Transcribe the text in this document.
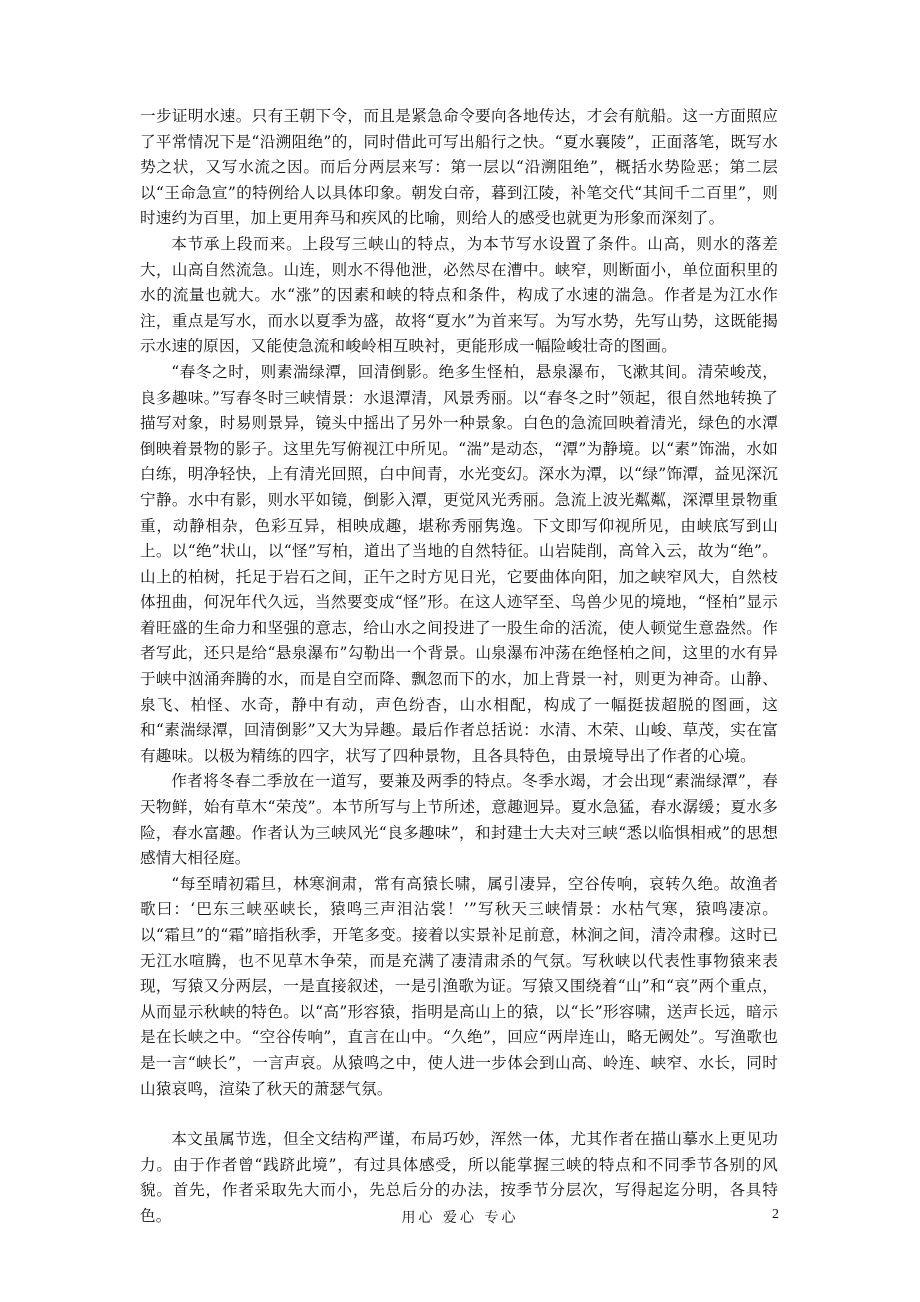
一步证明水速。只有王朝下令，而且是紧急命令要向各地传达，才会有航船。这一方面照应了平常情况下是“沿溯阻绝”的，同时借此可写出船行之快。“夏水襄陵”，正面落笔，既写水势之状，又写水流之因。而后分两层来写：第一层以“沿溯阻绝”，概括水势险恶；第二层以“王命急宣”的特例给人以具体印象。朝发白帝，暮到江陵，补笔交代“其间千二百里”，则时速约为百里，加上更用奔马和疾风的比喻，则给人的感受也就更为形象而深刻了。

本节承上段而来。上段写三峡山的特点，为本节写水设置了条件。山高，则水的落差大，山高自然流急。山连，则水不得他泄，必然尽在漕中。峡窄，则断面小，单位面积里的水的流量也就大。水“涨”的因素和峡的特点和条件，构成了水速的湍急。作者是为江水作注，重点是写水，而水以夏季为盛，故将“夏水”为首来写。为写水势，先写山势，这既能揭示水速的原因，又能使急流和峻岭相互映衬，更能形成一幅险峻壮奇的图画。

“春冬之时，则素湍绿潭，回清倒影。绝多生怪柏，悬泉瀑布，飞漱其间。清荣峻茂，良多趣味。”写春冬时三峡情景：水退潭清，风景秀丽。以“春冬之时”领起，很自然地转换了描写对象，时易则景异，镜头中摇出了另外一种景象。白色的急流回映着清光，绿色的水潭倒映着景物的影子。这里先写俯视江中所见。“湍”是动态，“潭”为静境。以“素”饰湍，水如白练，明净轻快，上有清光回照，白中间青，水光变幻。深水为潭，以“绿”饰潭，益见深沉宁静。水中有影，则水平如镜，倒影入潭，更觉风光秀丽。急流上波光粼粼，深潭里景物重重，动静相杂，色彩互异，相映成趣，堪称秀丽隽逸。下文即写仰视所见，由峡底写到山上。以“绝”状山，以“怪”写柏，道出了当地的自然特征。山岩陡削，高耸入云，故为“绝”。山上的柏树，托足于岩石之间，正午之时方见日光，它要曲体向阳，加之峡窄风大，自然枝体扭曲，何况年代久远，当然要变成“怪”形。在这人迹罕至、鸟兽少见的境地，“怪柏”显示着旺盛的生命力和坚强的意志，给山水之间投进了一股生命的活流，使人顿觉生意盎然。作者写此，还只是给“悬泉瀑布”勾勒出一个背景。山泉瀑布冲荡在绝怪柏之间，这里的水有异于峡中汹涌奔腾的水，而是自空而降、飘忽而下的水，加上背景一衬，则更为神奇。山静、泉飞、柏怪、水奇，静中有动，声色纷杳，山水相配，构成了一幅挺拔超脱的图画，这和“素湍绿潭，回清倒影”又大为异趣。最后作者总括说：水清、木荣、山峻、草茂，实在富有趣味。以极为精练的四字，状写了四种景物，且各具特色，由景境导出了作者的心境。

作者将冬春二季放在一道写，要兼及两季的特点。冬季水竭，才会出现“素湍绿潭”，春天物鲜，始有草木“荣茂”。本节所写与上节所述，意趣迥异。夏水急猛，春水潺缓；夏水多险，春水富趣。作者认为三峡风光“良多趣味”，和封建士大夫对三峡“悉以临惧相戒”的思想感情大相径庭。

“每至晴初霜旦，林寒涧肃，常有高猿长啸，属引凄异，空谷传响，哀转久绝。故渔者歌曰：‘巴东三峡巫峡长，猿鸣三声泪沾裳！’”写秋天三峡情景：水枯气寒，猿鸣凄凉。以“霜旦”的“霜”暗指秋季，开笔多变。接着以实景补足前意，林涧之间，清冷肃穆。这时已无江水喧腾，也不见草木争荣，而是充满了凄清肃杀的气氛。写秋峡以代表性事物猿来表现，写猿又分两层，一是直接叙述，一是引渔歌为证。写猿又围绕着“山”和“哀”两个重点，从而显示秋峡的特色。以“高”形容猿，指明是高山上的猿，以“长”形容啸，送声长远，暗示是在长峡之中。“空谷传响”，直言在山中。“久绝”，回应“两岸连山，略无阙处”。写渔歌也是一言“峡长”，一言声哀。从猿鸣之中，使人进一步体会到山高、岭连、峡窄、水长，同时山猿哀鸣，渲染了秋天的萧瑟气氛。

本文虽属节选，但全文结构严谨，布局巧妙，浑然一体，尤其作者在描山摹水上更见功力。由于作者曾“践跻此境”，有过具体感受，所以能掌握三峡的特点和不同季节各别的风貌。首先，作者采取先大而小，先总后分的办法，按季节分层次，写得起迄分明，各具特色。	用心 爱心 专心	2
